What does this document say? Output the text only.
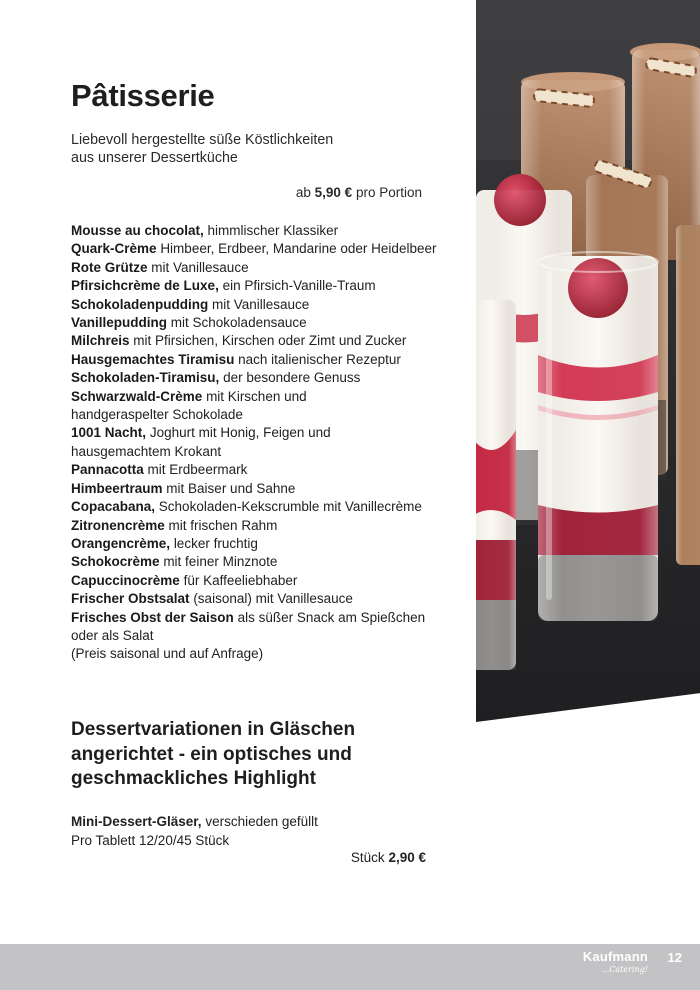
Pâtisserie
Liebevoll hergestellte süße Köstlichkeiten
aus unserer Dessertküche
ab 5,90 € pro Portion
Mousse au chocolat, himmlischer Klassiker
Quark-Crème Himbeer, Erdbeer, Mandarine oder Heidelbeer
Rote Grütze mit Vanillesauce
Pfirsichcrème de Luxe, ein Pfirsich-Vanille-Traum
Schokoladenpudding mit Vanillesauce
Vanillepudding mit Schokoladensauce
Milchreis mit Pfirsichen, Kirschen oder Zimt und Zucker
Hausgemachtes Tiramisu nach italienischer Rezeptur
Schokoladen-Tiramisu, der besondere Genuss
Schwarzwald-Crème mit Kirschen und handgeraspelter Schokolade
1001 Nacht, Joghurt mit Honig, Feigen und hausgemachtem Krokant
Pannacotta mit Erdbeermark
Himbeertraum mit Baiser und Sahne
Copacabana, Schokoladen-Kekscrumble mit Vanillecrème
Zitronencrème mit frischen Rahm
Orangencrème, lecker fruchtig
Schokocrème mit feiner Minznote
Capuccinocrème für Kaffeeliebhaber
Frischer Obstsalat (saisonal) mit Vanillesauce
Frisches Obst der Saison als süßer Snack am Spießchen oder als Salat
(Preis saisonal und auf Anfrage)
Dessertvariationen in Gläschen angerichtet - ein optisches und geschmackliches Highlight
Mini-Dessert-Gläser, verschieden gefüllt
Pro Tablett 12/20/45 Stück
Stück 2,90 €
Kaufmann
...Catering!
12
